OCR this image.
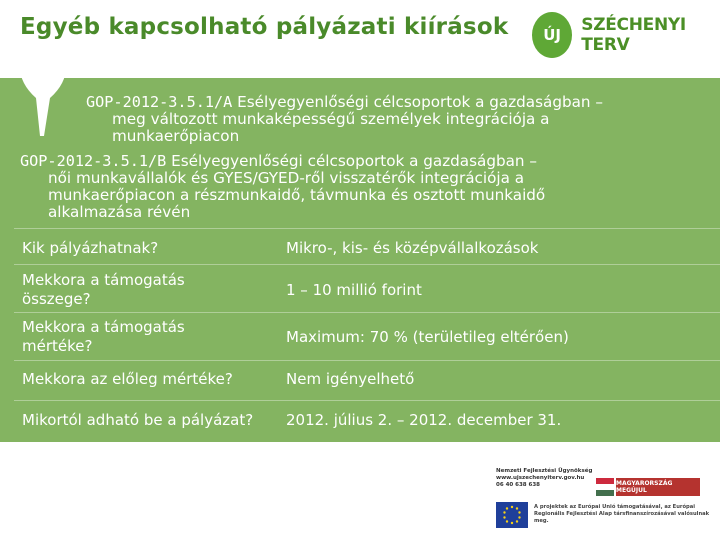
Egyéb kapcsolható pályázati kiírások	ÚJ	SZÉCHENYI TERV
GOP-2012-3.5.1/A Esélyegyenlőségi célcsoportok a gazdaságban –
meg változott munkaképességű személyek integrációja a
munkaerőpiacon
GOP-2012-3.5.1/B Esélyegyenlőségi célcsoportok a gazdaságban –
női munkavállalók és GYES/GYED-ről visszatérők integrációja a
munkaerőpiacon a részmunkaidő, távmunka és osztott munkaidő
alkalmazása révén
Kik pályázhatnak?	Mikro-, kis- és középvállalkozások
Mekkora a támogatás
összege?	1 – 10 millió forint
Mekkora a támogatás
mértéke?	Maximum: 70 % (területileg eltérően)
Mekkora az előleg mértéke?	Nem igényelhető
Mikortól adható be a pályázat?	2012. július 2. – 2012. december 31.
Nemzeti Fejlesztési Ügynökség
www.ujszechenyiterv.gov.hu
06 40 638 638	MAGYARORSZÁG MEGÚJUL
A projektek az Európai Unió támogatásával, az Európai
Regionális Fejlesztési Alap társfinanszírozásával valósulnak meg.
